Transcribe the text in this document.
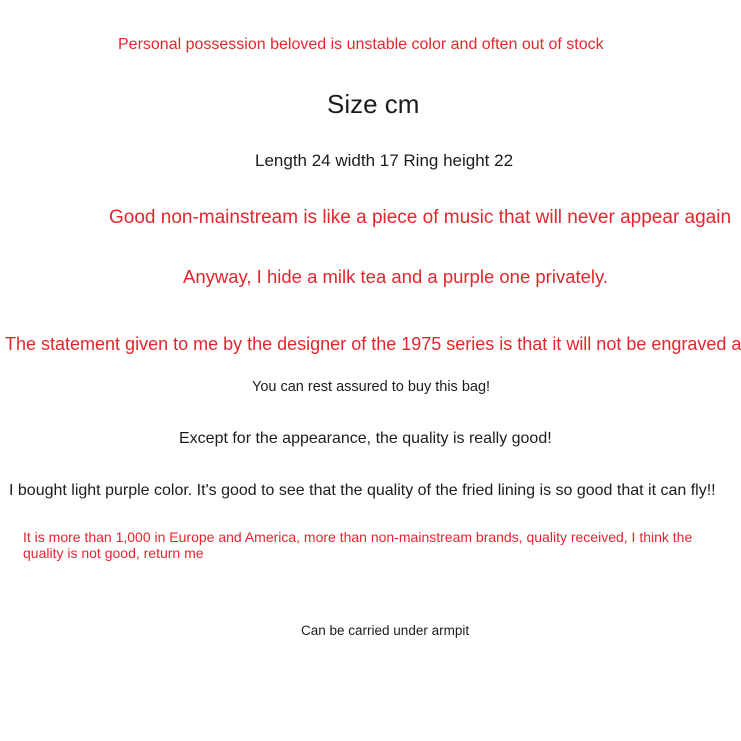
Personal possession beloved is unstable color and often out of stock
Size cm
Length 24 width 17 Ring height 22
Good non-mainstream is like a piece of music that will never appear again
Anyway, I hide a milk tea and a purple one privately.
The statement given to me by the designer of the 1975 series is that it will not be engraved a
You can rest assured to buy this bag!
Except for the appearance, the quality is really good!
I bought light purple color. It's good to see that the quality of the fried lining is so good that it can fly!!
It is more than 1,000 in Europe and America, more than non-mainstream brands, quality received, I think the quality is not good, return me
Can be carried under armpit
